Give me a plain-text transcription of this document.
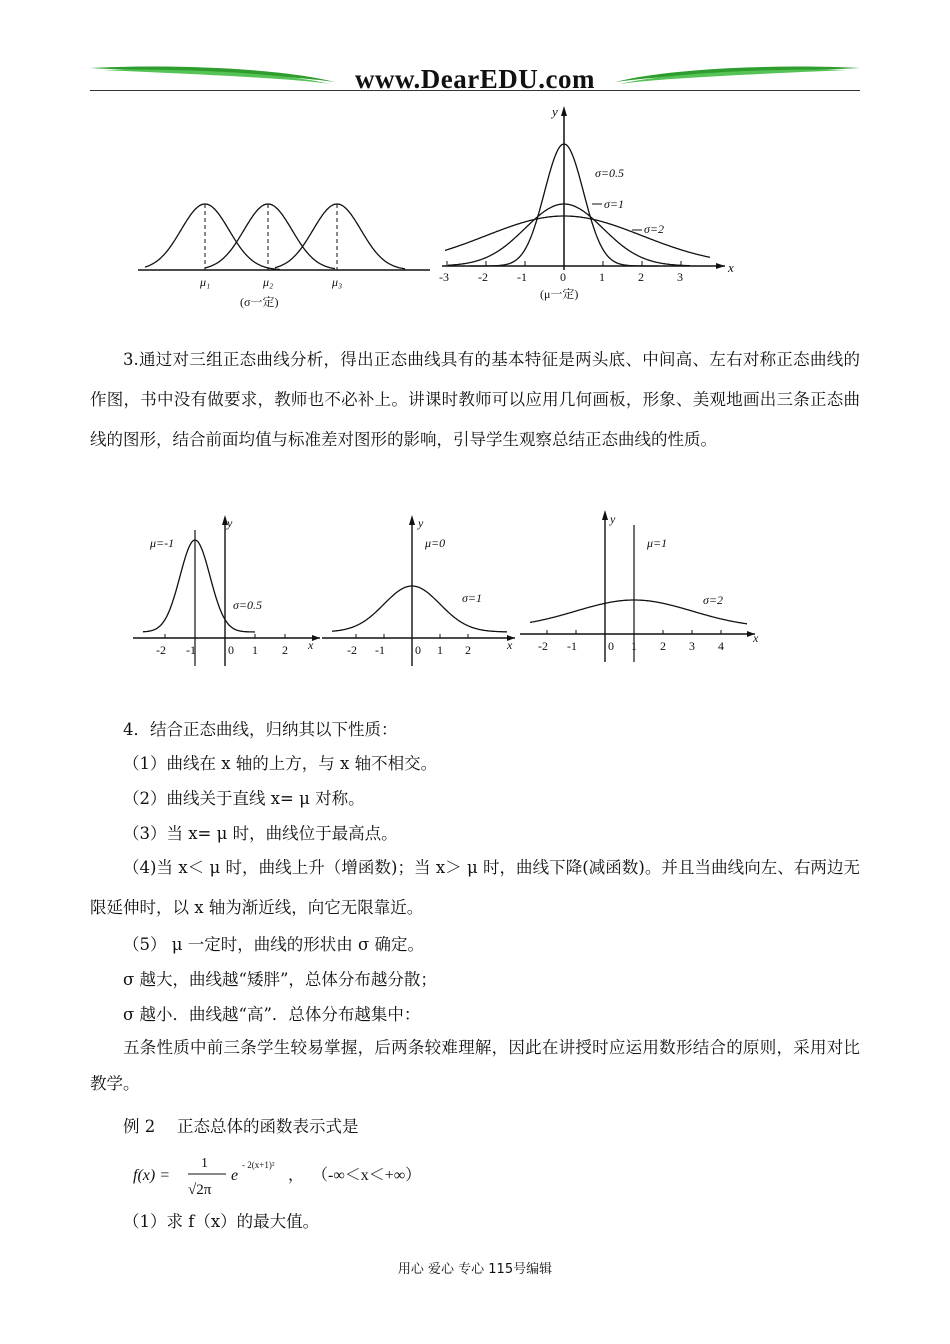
www.DearEDU.com
μ₁	μ₂	μ₃
(σ一定)
y
x
-3 -2 -1	0	1	2	3
σ=0.5
σ=1
σ=2
(μ一定)

3.通过对三组正态曲线分析，得出正态曲线具有的基本特征是两头底、中间高、左右对称正态曲线的作图，书中没有做要求，教师也不必补上。讲课时教师可以应用几何画板，形象、美观地画出三条正态曲线的图形，结合前面均值与标准差对图形的影响，引导学生观察总结正态曲线的性质。

-2 -1	0 1 2	-2 -1	0 1 2	-2 -1	0 1 2 3 4
μ=-1
σ=0.5
μ=0
σ=1
μ=1
σ=2
y	y	y
x	x	x

4．结合正态曲线，归纳其以下性质：

（1）曲线在 x 轴的上方，与 x 轴不相交。

（2）曲线关于直线 x= μ 对称。

（3）当 x= μ 时，曲线位于最高点。

（4)当 x＜ μ 时，曲线上升（增函数)；当 x＞ μ 时，曲线下降(减函数)。并且当曲线向左、右两边无限延伸时，以 x 轴为渐近线，向它无限靠近。

（5） μ 一定时，曲线的形状由 σ 确定。

σ 越大，曲线越“矮胖”，总体分布越分散；

σ 越小．曲线越“高”．总体分布越集中：

五条性质中前三条学生较易掌握，后两条较难理解，因此在讲授时应运用数形结合的原则，采用对比教学。

例 2　 正态总体的函数表示式是

f(x) =
1
√2π
e
- 2(x+1)²
， （-∞＜x＜+∞）

（1）求 f（x）的最大值。

用心 爱心 专心 115号编辑
